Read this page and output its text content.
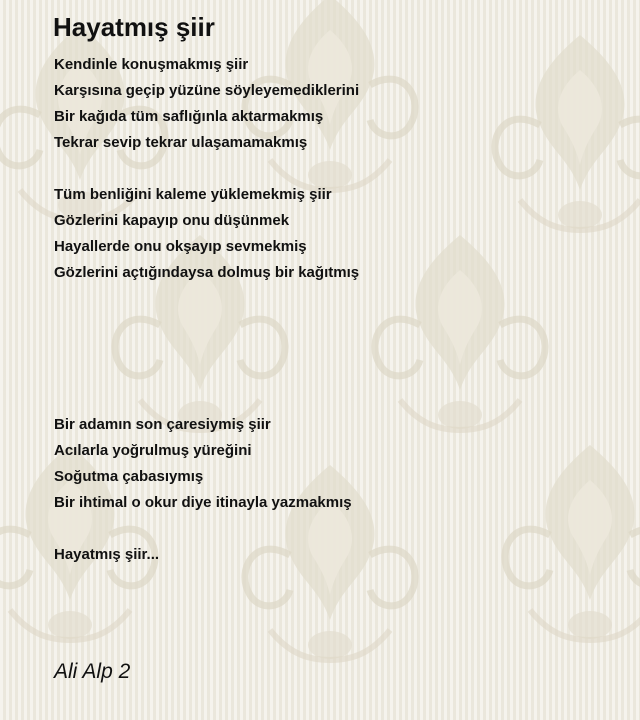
Hayatmış şiir
Kendinle konuşmakmış şiir
Karşısına geçip yüzüne söyleyemediklerini
Bir kağıda tüm saflığınla aktarmakmış
Tekrar sevip tekrar ulaşamamakmış
Tüm benliğini kaleme yüklemekmiş şiir
Gözlerini kapayıp onu düşünmek
Hayallerde onu okşayıp sevmekmiş
Gözlerini açtığındaysa dolmuş bir kağıtmış
Bir adamın son çaresiymiş şiir
Acılarla yoğrulmuş yüreğini
Soğutma çabasıymış
Bir ihtimal o okur diye itinayla yazmakmış
Hayatmış şiir...
Ali Alp 2
